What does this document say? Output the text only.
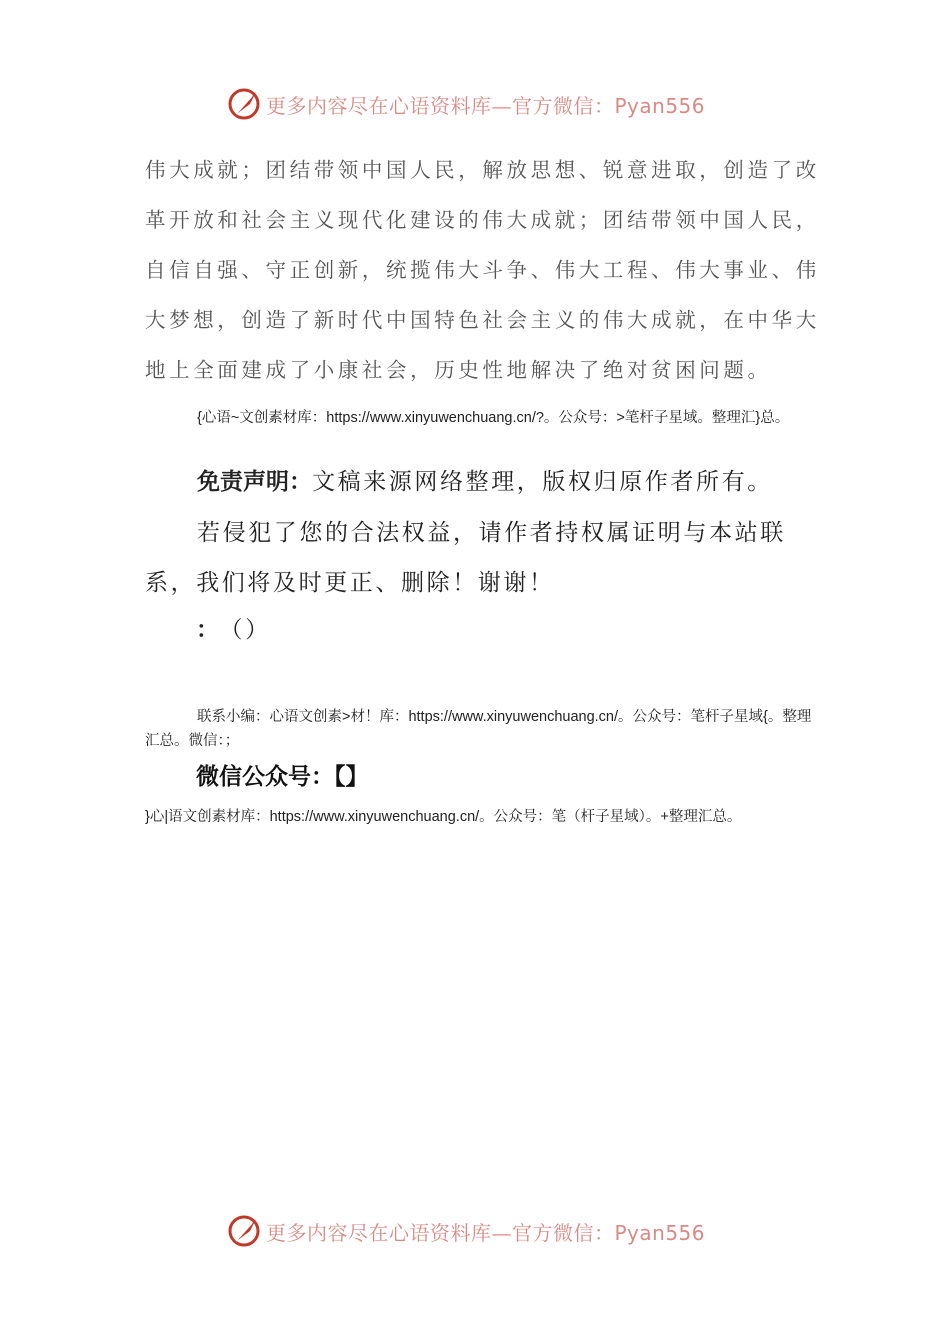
更多内容尽在心语资料库—官方微信：Pyan556
伟大成就；团结带领中国人民，解放思想、锐意进取，创造了改革开放和社会主义现代化建设的伟大成就；团结带领中国人民，自信自强、守正创新，统揽伟大斗争、伟大工程、伟大事业、伟大梦想，创造了新时代中国特色社会主义的伟大成就，在中华大地上全面建成了小康社会，历史性地解决了绝对贫困问题。
{心语~文创素材库：https://www.xinyuwenchuang.cn/?。公众号：>笔杆子星域。整理汇}总。
免责声明：文稿来源网络整理，版权归原作者所有。
若侵犯了您的合法权益，请作者持权属证明与本站联系，我们将及时更正、删除！谢谢！
： （）
联系小编：心语文创素>材！库：https://www.xinyuwenchuang.cn/。公众号：笔杆子星域{。整理汇总。微信：；
微信公众号：【】
}心|语文创素材库：https://www.xinyuwenchuang.cn/。公众号：笔（杆子星域）。+整理汇总。
更多内容尽在心语资料库—官方微信：Pyan556
